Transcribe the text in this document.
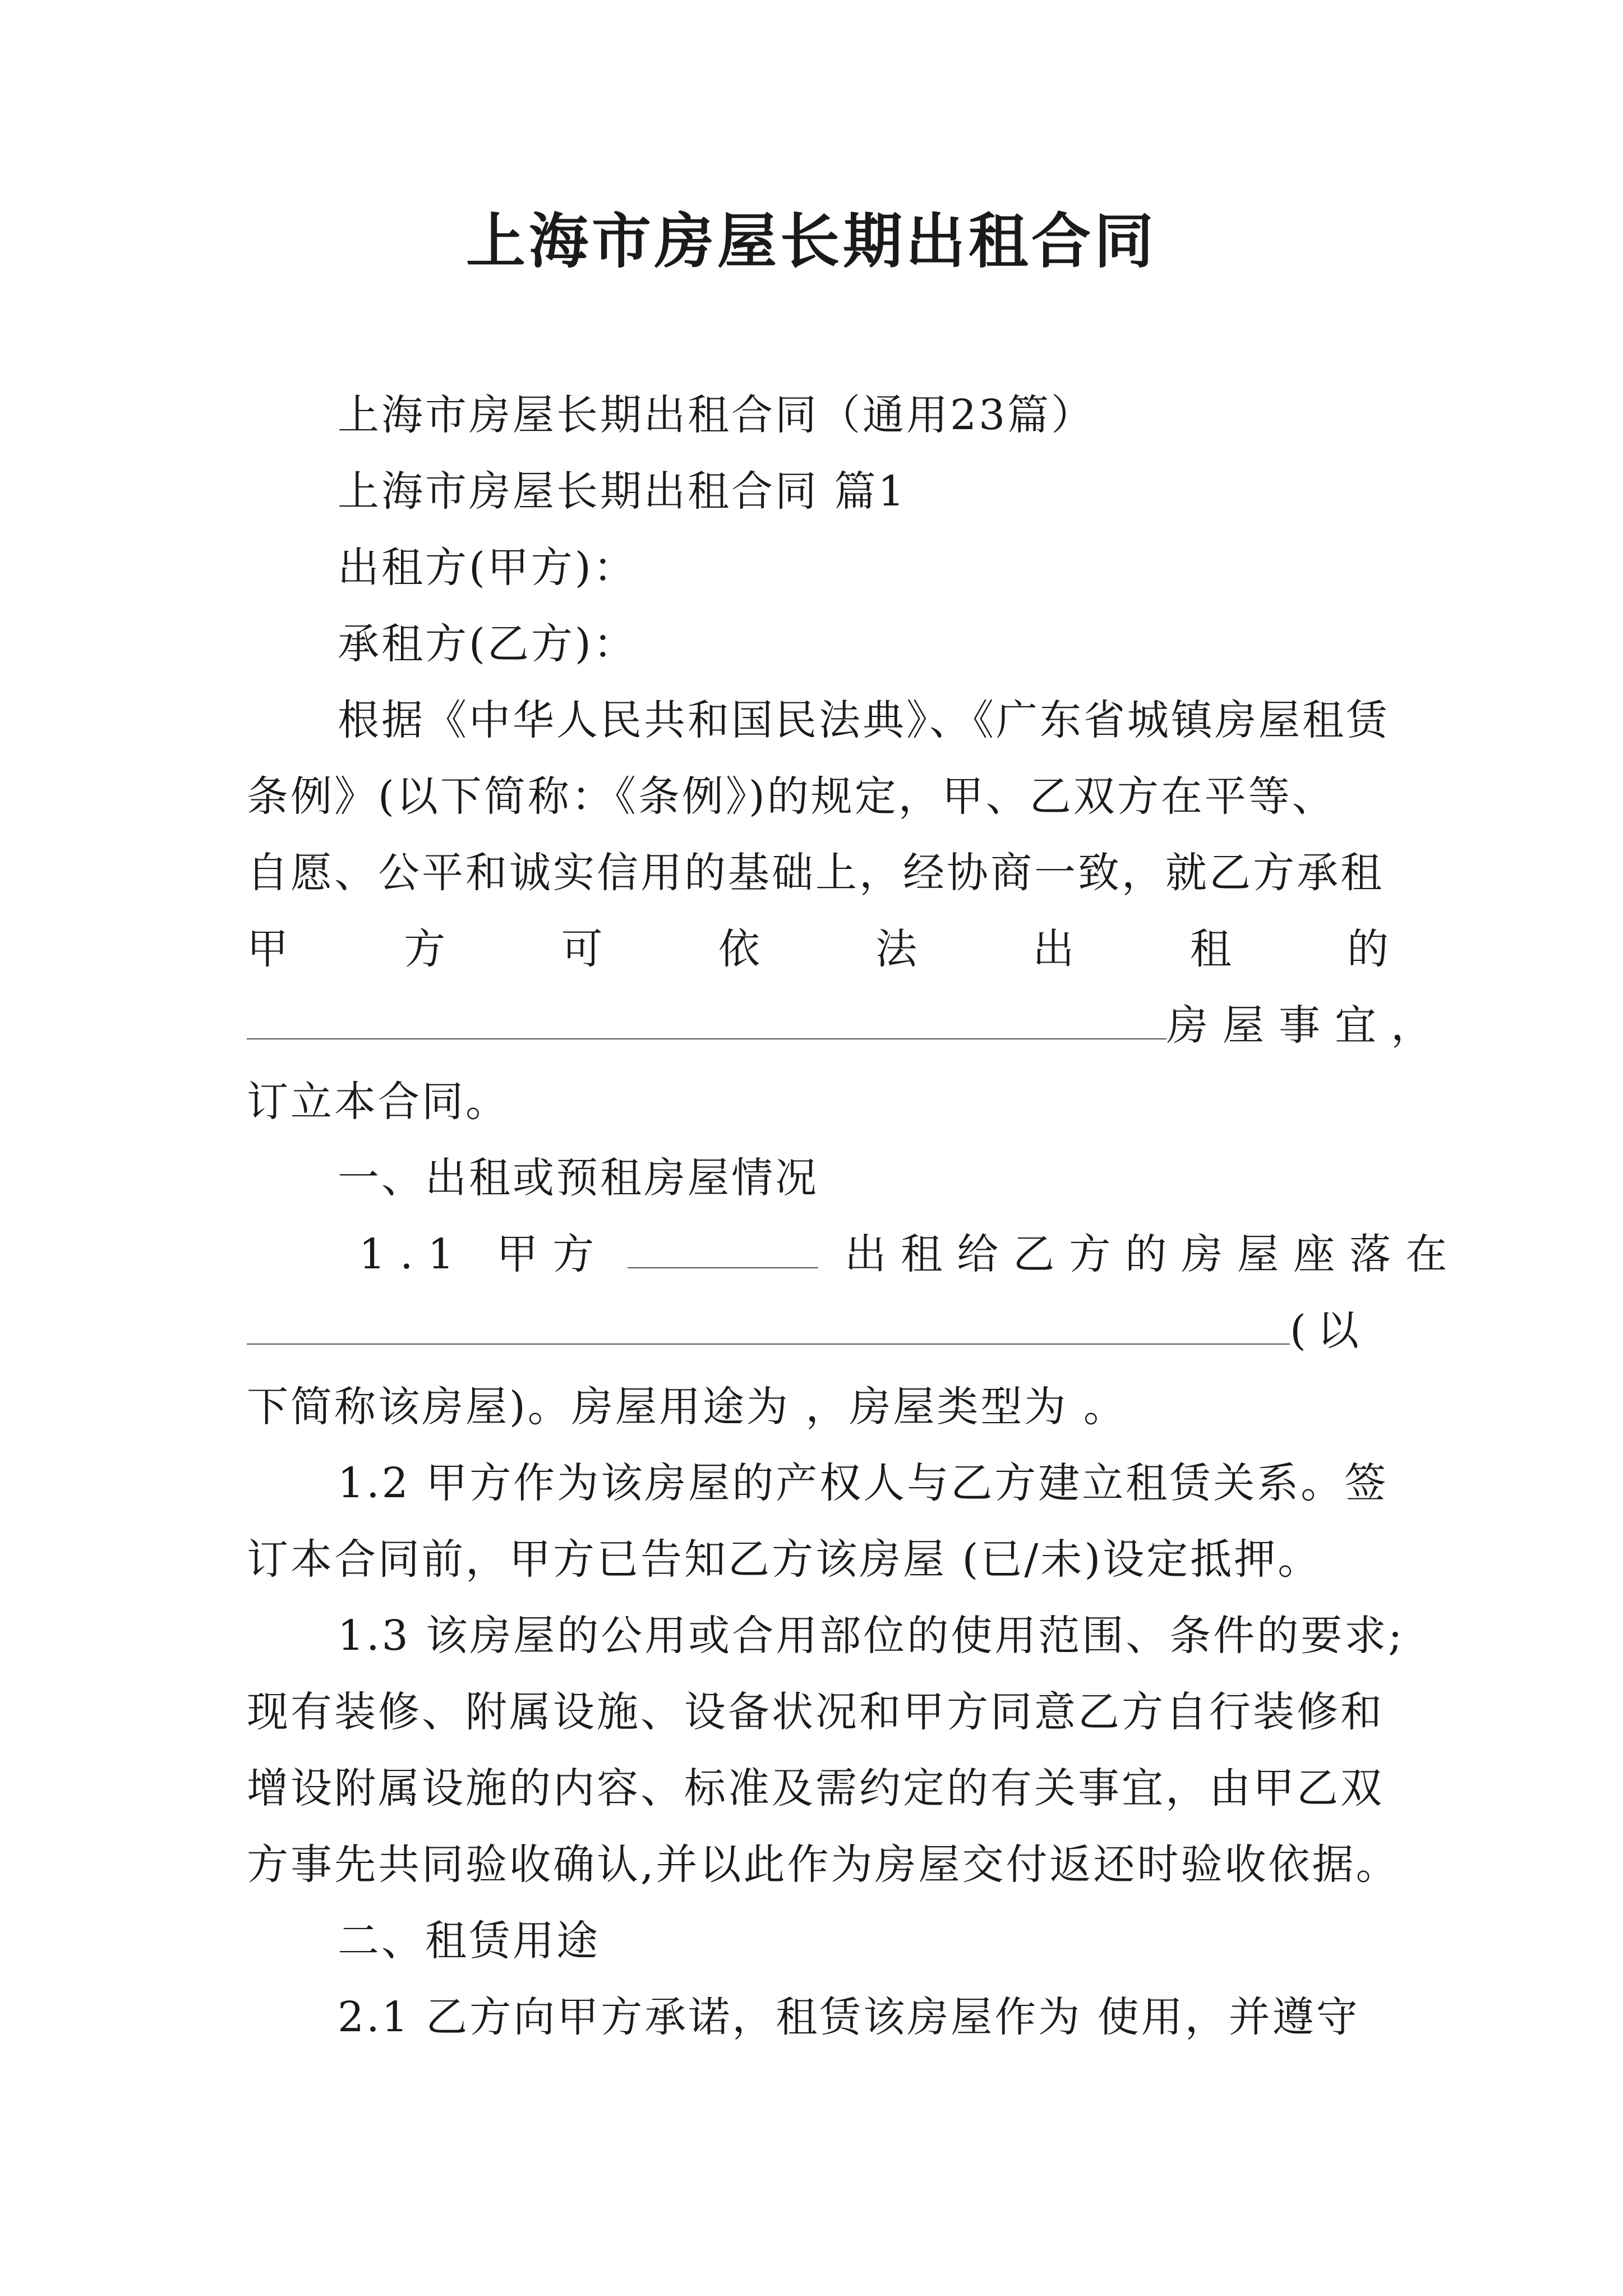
上海市房屋长期出租合同
上海市房屋长期出租合同（通用23篇）
上海市房屋长期出租合同 篇1
出租方(甲方)：
承租方(乙方)：
根据《中华人民共和国民法典》、《广东省城镇房屋租赁
条例》(以下简称：《条例》)的规定，甲、乙双方在平等、
自愿、公平和诚实信用的基础上，经协商一致，就乙方承租
甲	方	可	依	法	出	租	的
房屋事宜，
订立本合同。
一、出租或预租房屋情况
1.1 甲方	出租给乙方的房屋座落在
(以
下简称该房屋)。房屋用途为 ，房屋类型为 。
1.2 甲方作为该房屋的产权人与乙方建立租赁关系。签
订本合同前，甲方已告知乙方该房屋 (已/未)设定抵押。
1.3 该房屋的公用或合用部位的使用范围、条件的要求;
现有装修、附属设施、设备状况和甲方同意乙方自行装修和
增设附属设施的内容、标准及需约定的有关事宜，由甲乙双
方事先共同验收确认,并以此作为房屋交付返还时验收依据。
二、租赁用途
2.1 乙方向甲方承诺，租赁该房屋作为 使用，并遵守
